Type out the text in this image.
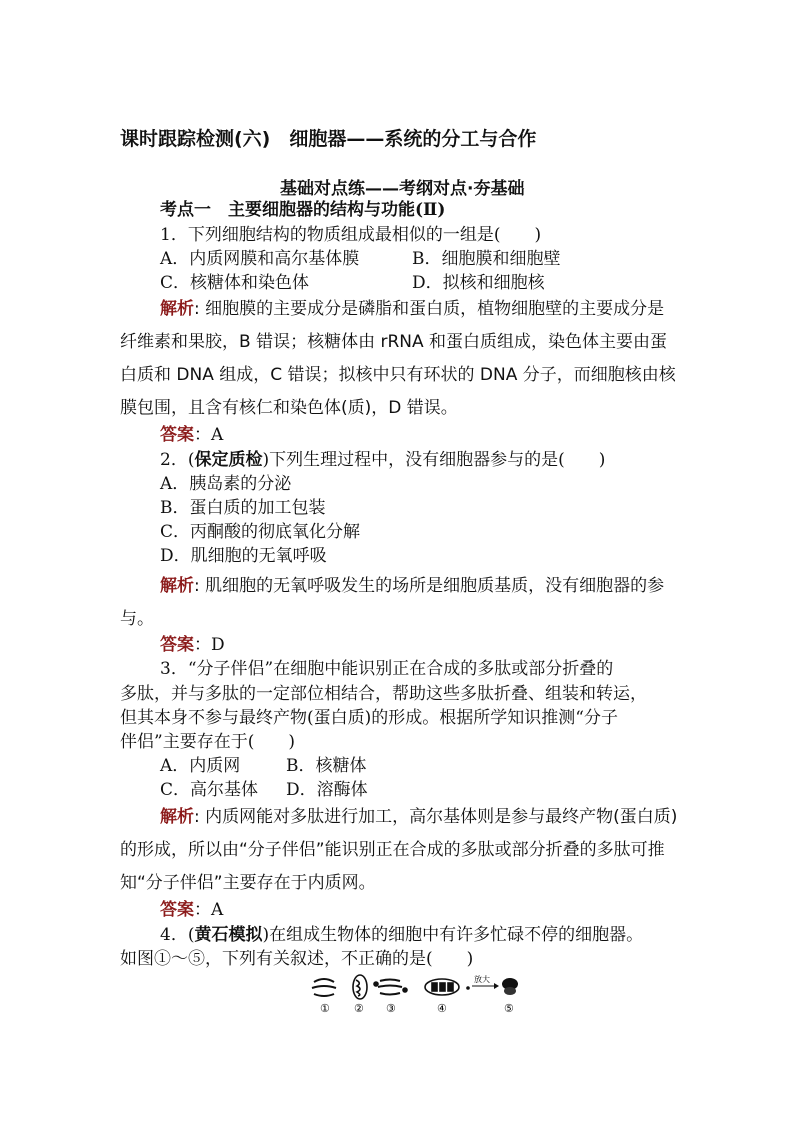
课时跟踪检测(六)　细胞器——系统的分工与合作
基础对点练——考纲对点·夯基础
考点一　主要细胞器的结构与功能(Ⅱ)
1．下列细胞结构的物质组成最相似的一组是(　　)
A．内质网膜和高尔基体膜	B．细胞膜和细胞壁
C．核糖体和染色体	D．拟核和细胞核
解析: 细胞膜的主要成分是磷脂和蛋白质，植物细胞壁的主要成分是纤维素和果胶，B 错误；核糖体由 rRNA 和蛋白质组成，染色体主要由蛋白质和 DNA 组成，C 错误；拟核中只有环状的 DNA 分子，而细胞核由核膜包围，且含有核仁和染色体(质)，D 错误。
答案：A
2．(保定质检)下列生理过程中，没有细胞器参与的是(　　)
A．胰岛素的分泌
B．蛋白质的加工包装
C．丙酮酸的彻底氧化分解
D．肌细胞的无氧呼吸
解析: 肌细胞的无氧呼吸发生的场所是细胞质基质，没有细胞器的参与。
答案：D
3．“分子伴侣”在细胞中能识别正在合成的多肽或部分折叠的
多肽，并与多肽的一定部位相结合，帮助这些多肽折叠、组装和转运，
但其本身不参与最终产物(蛋白质)的形成。根据所学知识推测“分子
伴侣”主要存在于(　　)
A．内质网	B．核糖体
C．高尔基体 D．溶酶体
解析: 内质网能对多肽进行加工，高尔基体则是参与最终产物(蛋白质)的形成，所以由“分子伴侣”能识别正在合成的多肽或部分折叠的多肽可推知“分子伴侣”主要存在于内质网。
答案：A
4．(黄石模拟)在组成生物体的细胞中有许多忙碌不停的细胞器。
如图①～⑤，下列有关叙述，不正确的是(　　)
放大
① ② ③	④	⑤
